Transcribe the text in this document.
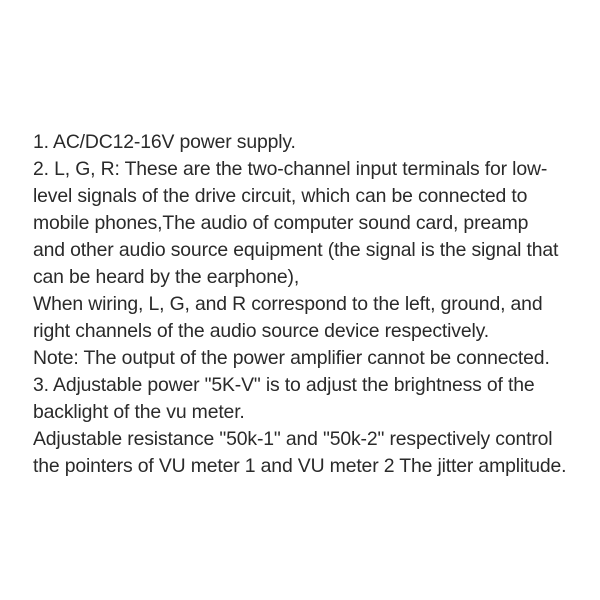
1. AC/DC12-16V power supply.
2. L, G, R: These are the two-channel input terminals for low-
level signals of the drive circuit, which can be connected to
mobile phones,The audio of computer sound card, preamp
and other audio source equipment (the signal is the signal that
can be heard by the earphone),
When wiring, L, G, and R correspond to the left, ground, and
right channels of the audio source device respectively.
Note: The output of the power amplifier cannot be connected.
3. Adjustable power "5K-V" is to adjust the brightness of the
backlight of the vu meter.
Adjustable resistance "50k-1" and "50k-2" respectively control
the pointers of VU meter 1 and VU meter 2 The jitter amplitude.
